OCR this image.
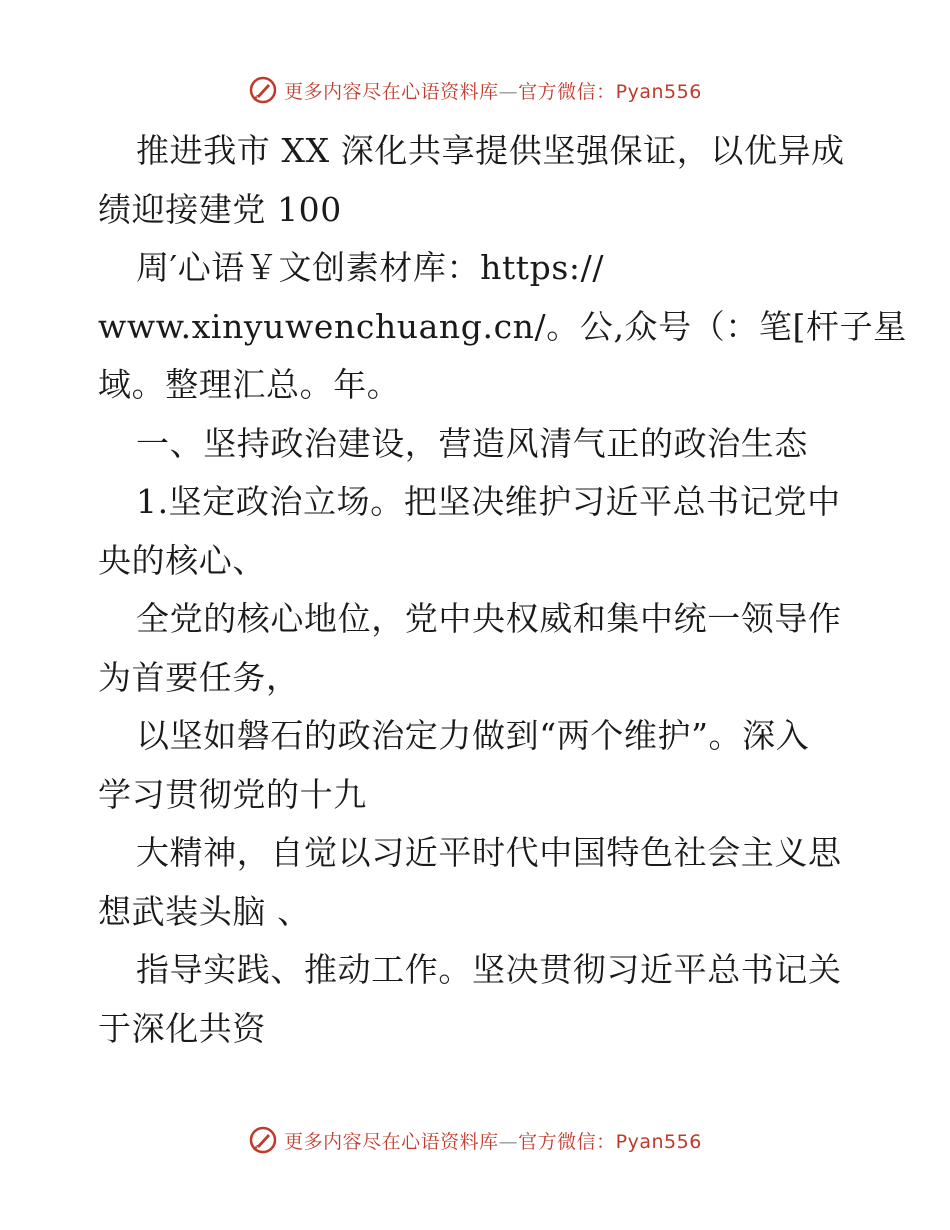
更多内容尽在心语资料库—官方微信：Pyan556
推进我市 XX 深化共享提供坚强保证，以优异成
绩迎接建党 100
周′心语￥文创素材库：https://
www.xinyuwenchuang.cn/。公,众号（：笔[杆子星
域。整理汇总。年。
一、坚持政治建设，营造风清气正的政治生态
1.坚定政治立场。把坚决维护习近平总书记党中
央的核心、
全党的核心地位，党中央权威和集中统一领导作
为首要任务，
以坚如磐石的政治定力做到“两个维护”。深入
学习贯彻党的十九
大精神，自觉以习近平时代中国特色社会主义思
想武装头脑 、
指导实践、推动工作。坚决贯彻习近平总书记关
于深化共资
更多内容尽在心语资料库—官方微信：Pyan556
